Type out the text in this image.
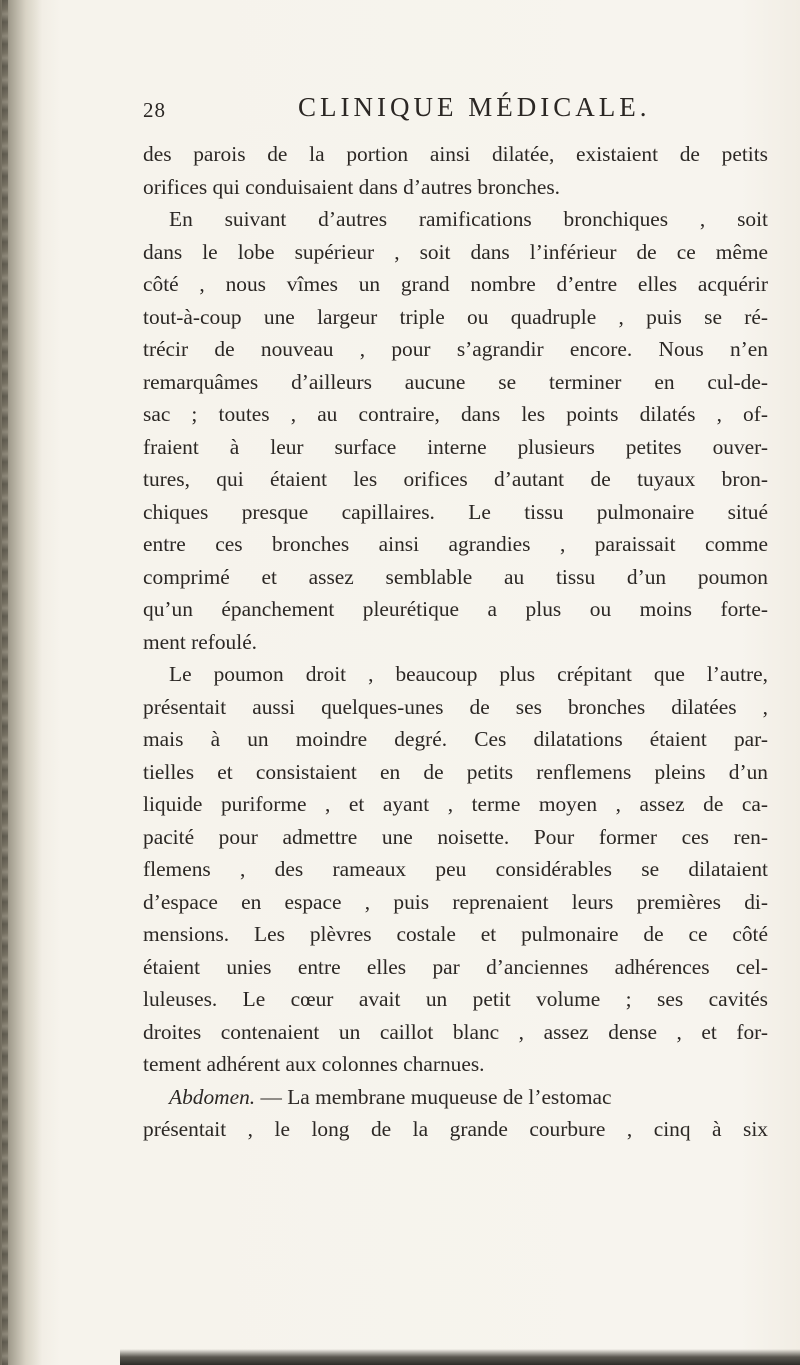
28	CLINIQUE MÉDICALE.
des parois de la portion ainsi dilatée, existaient de petits
orifices qui conduisaient dans d’autres bronches.
En suivant d’autres ramifications bronchiques , soit
dans le lobe supérieur , soit dans l’inférieur de ce même
côté , nous vîmes un grand nombre d’entre elles acquérir
tout-à-coup une largeur triple ou quadruple , puis se ré-
trécir de nouveau , pour s’agrandir encore. Nous n’en
remarquâmes d’ailleurs aucune se terminer en cul-de-
sac ; toutes , au contraire, dans les points dilatés , of-
fraient à leur surface interne plusieurs petites ouver-
tures, qui étaient les orifices d’autant de tuyaux bron-
chiques presque capillaires. Le tissu pulmonaire situé
entre ces bronches ainsi agrandies , paraissait comme
comprimé et assez semblable au tissu d’un poumon
qu’un épanchement pleurétique a plus ou moins forte-
ment refoulé.
Le poumon droit , beaucoup plus crépitant que l’autre,
présentait aussi quelques-unes de ses bronches dilatées ,
mais à un moindre degré. Ces dilatations étaient par-
tielles et consistaient en de petits renflemens pleins d’un
liquide puriforme , et ayant , terme moyen , assez de ca-
pacité pour admettre une noisette. Pour former ces ren-
flemens , des rameaux peu considérables se dilataient
d’espace en espace , puis reprenaient leurs premières di-
mensions. Les plèvres costale et pulmonaire de ce côté
étaient unies entre elles par d’anciennes adhérences cel-
luleuses. Le cœur avait un petit volume ; ses cavités
droites contenaient un caillot blanc , assez dense , et for-
tement adhérent aux colonnes charnues.
Abdomen. — La membrane muqueuse de l’estomac
présentait , le long de la grande courbure , cinq à six
